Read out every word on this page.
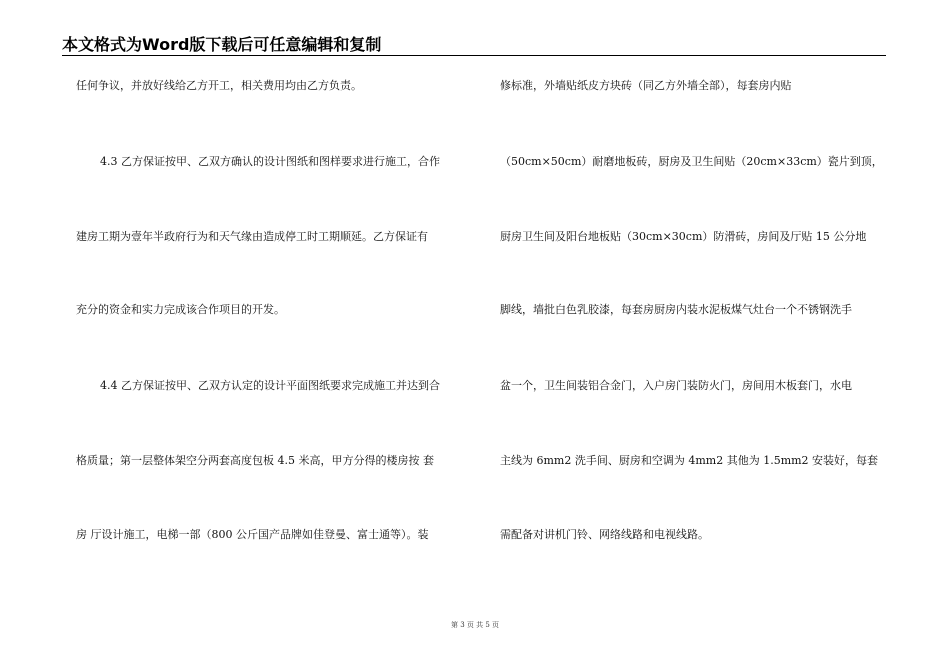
本文格式为Word版下载后可任意编辑和复制
任何争议，并放好线给乙方开工，相关费用均由乙方负责。
4.3 乙方保证按甲、乙双方确认的设计图纸和图样要求进行施工，合作
建房工期为壹年半政府行为和天气缘由造成停工时工期顺延。乙方保证有
充分的资金和实力完成该合作项目的开发。
4.4 乙方保证按甲、乙双方认定的设计平面图纸要求完成施工并达到合
格质量；第一层整体架空分两套高度包板 4.5 米高，甲方分得的楼房按 套
房 厅设计施工，电梯一部（800 公斤国产品牌如佳登曼、富士通等）。装
修标准，外墙贴纸皮方块砖（同乙方外墙全部），每套房内贴
（50cm×50cm）耐磨地板砖，厨房及卫生间贴（20cm×33cm）瓷片到顶，
厨房卫生间及阳台地板贴（30cm×30cm）防滑砖，房间及厅贴 15 公分地
脚线，墙批白色乳胶漆，每套房厨房内装水泥板煤气灶台一个不锈钢洗手
盆一个，卫生间装铝合金门，入户房门装防火门，房间用木板套门，水电
主线为 6mm2 洗手间、厨房和空调为 4mm2 其他为 1.5mm2 安装好，每套
需配备对讲机门铃、网络线路和电视线路。
第 3 页 共 5 页
